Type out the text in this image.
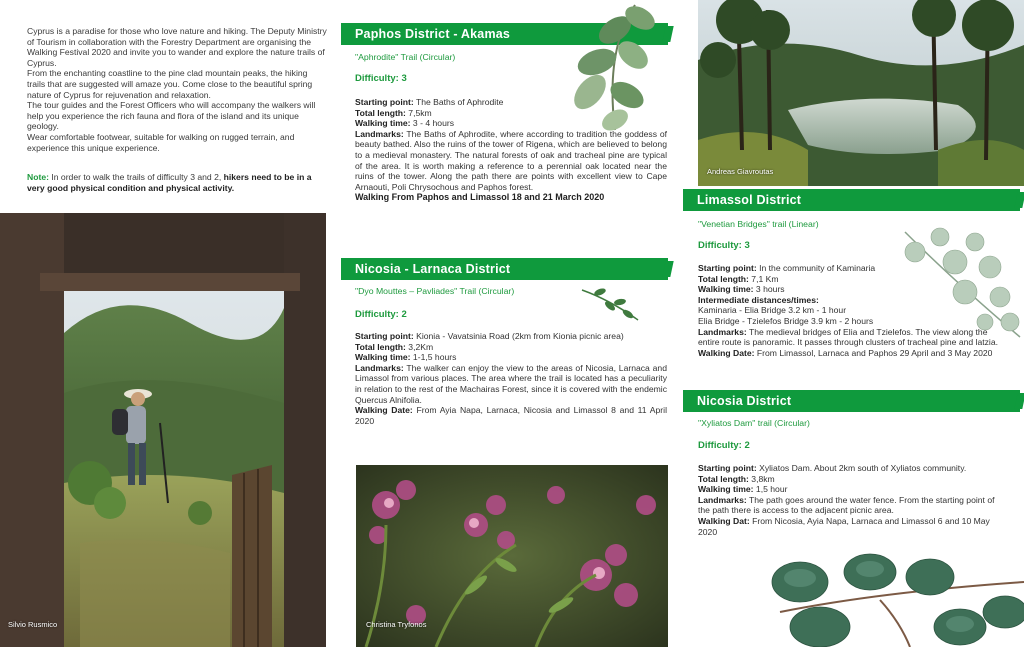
Cyprus is a paradise for those who love nature and hiking. The Deputy Ministry of Tourism in collaboration with the Forestry Department are organising the Walking Festival 2020 and invite you to wander and explore the nature trails of Cyprus.

From the enchanting coastline to the pine clad mountain peaks, the hiking trails that are suggested will amaze you. Come close to the beautiful spring nature of Cyprus for rejuvenation and relaxation.

The tour guides and the Forest Officers who will accompany the walkers will help you experience the rich fauna and flora of the island and its unique geology.

Wear comfortable footwear, suitable for walking on rugged terrain, and experience this unique experience.

Note: In order to walk the trails of difficulty 3 and 2, hikers need to be in a very good physical condition and physical activity.
Silvio Rusmico
Paphos District - Akamas
"Aphrodite" Trail (Circular)
Difficulty: 3
Starting point: The Baths of Aphrodite
Total length: 7,5km
Walking time: 3 - 4 hours
Landmarks: The Baths of Aphrodite, where according to tradition the goddess of beauty bathed. Also the ruins of the tower of Rigena, which are believed to belong to a medieval monastery. The natural forests of oak and tracheal pine are typical of the area. It is worth making a reference to a perennial oak located near the ruins of the tower. Along the path there are points with excellent view to Cape Arnaouti, Poli Chrysochous and Paphos forest.
Walking From Paphos and Limassol 18 and 21 March 2020
Nicosia - Larnaca District
"Dyo Mouttes – Pavliades" Trail (Circular)
Difficulty: 2
Starting point: Kionia - Vavatsinia Road (2km from Kionia picnic area)
Total length: 3,2Km
Walking time: 1-1,5 hours
Landmarks: The walker can enjoy the view to the areas of Nicosia, Larnaca and Limassol from various places. The area where the trail is located has a peculiarity in relation to the rest of the Machairas Forest, since it is covered with the endemic Quercus Alnifolia.
Walking Date: From Ayia Napa, Larnaca, Nicosia and Limassol 8 and 11 April 2020
Christina Tryfonos
Andreas Giavroutas
Limassol District
"Venetian Bridges" trail (Linear)
Difficulty: 3
Starting point: In the community of Kaminaria
Total length: 7,1 Km
Walking time: 3 hours
Intermediate distances/times:
Kaminaria - Elia Bridge 3.2 km - 1 hour
Elia Bridge - Tzielefos Bridge 3.9 km - 2 hours
Landmarks: The medieval bridges of Elia and Tzielefos. The view along the entire route is panoramic. It passes through clusters of tracheal pine and latzia.
Walking Date: From Limassol, Larnaca and Paphos 29 April and 3 May 2020
Nicosia District
"Xyliatos Dam" trail (Circular)
Difficulty: 2
Starting point: Xyliatos Dam. About 2km south of Xyliatos community.
Total length: 3,8km
Walking time: 1,5 hour
Landmarks: The path goes around the water fence. From the starting point of the path there is access to the adjacent picnic area.
Walking Dat: From Nicosia, Ayia Napa, Larnaca and Limassol 6 and 10 May 2020
